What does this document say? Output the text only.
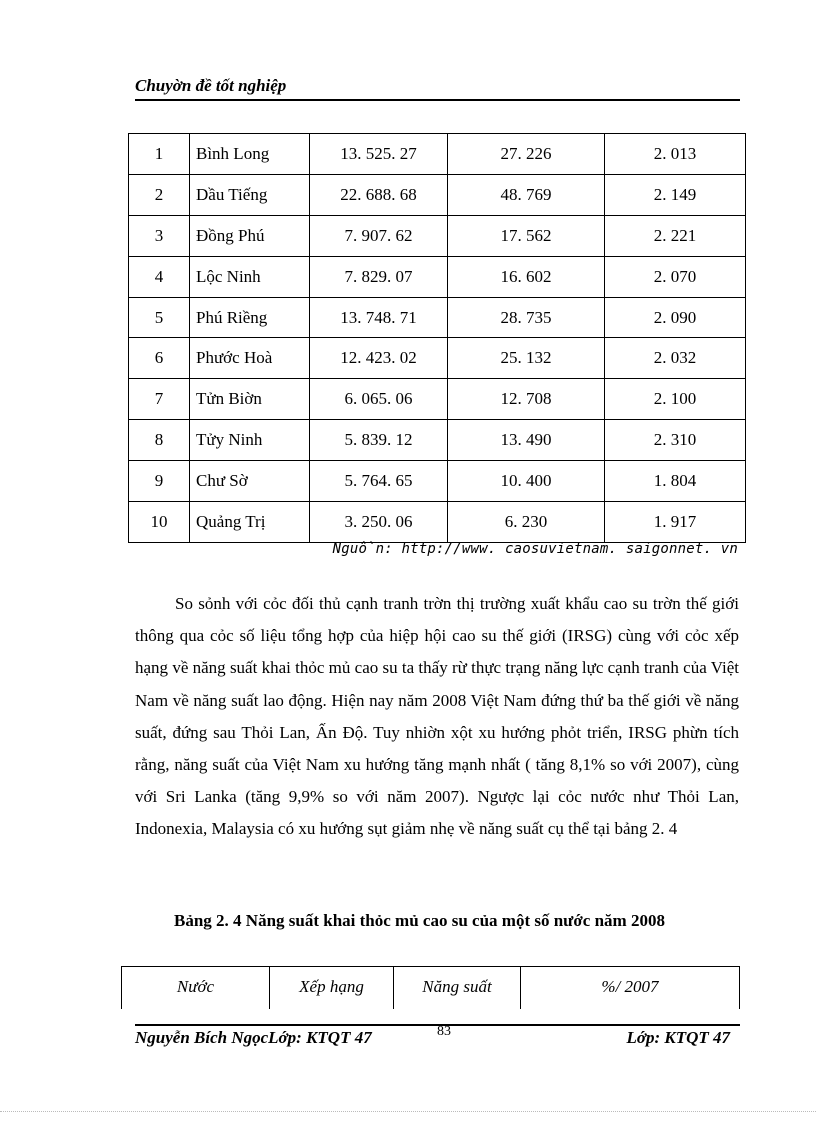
Chuyờn đề tốt nghiệp
1	Bình Long	13. 525. 27	27. 226	2. 013
2	Dầu Tiếng	22. 688. 68	48. 769	2. 149
3	Đồng Phú	7. 907. 62	17. 562	2. 221
4	Lộc Ninh	7. 829. 07	16. 602	2. 070
5	Phú Riềng	13. 748. 71	28. 735	2. 090
6	Phước Hoà	12. 423. 02	25. 132	2. 032
7	Tửn Biờn	6. 065. 06	12. 708	2. 100
8	Tửy Ninh	5. 839. 12	13. 490	2. 310
9	Chư Sờ	5. 764. 65	10. 400	1. 804
10	Quảng Trị	3. 250. 06	6. 230	1. 917
Nguồn: http://www. caosuvietnam. saigonnet. vn

So sỏnh với cỏc đối thủ cạnh tranh trờn thị trường xuất khẩu cao su trờn thế giới thông qua cỏc số liệu tổng hợp của hiệp hội cao su thế giới (IRSG) cùng với cỏc xếp hạng về năng suất khai thỏc mủ cao su ta thấy rừ thực trạng năng lực cạnh tranh của Việt Nam về năng suất lao động. Hiện nay năm 2008 Việt Nam đứng thứ ba thế giới về năng suất, đứng sau Thỏi Lan, Ấn Độ. Tuy nhiờn xột xu hướng phỏt triển, IRSG phừn tích rằng, năng suất của Việt Nam xu hướng tăng mạnh nhất ( tăng 8,1% so với 2007), cùng với Sri Lanka (tăng 9,9% so với năm 2007). Ngược lại cỏc nước như Thỏi Lan, Indonexia, Malaysia có xu hướng sụt giảm nhẹ về năng suất cụ thể tại bảng 2. 4

Bảng 2. 4 Năng suất khai thỏc mủ cao su của một số nước năm 2008
Nước	Xếp hạng	Năng suất	%/ 2007
Nguyễn Bích NgọcLớp: KTQT 47	83	Lớp: KTQT 47
